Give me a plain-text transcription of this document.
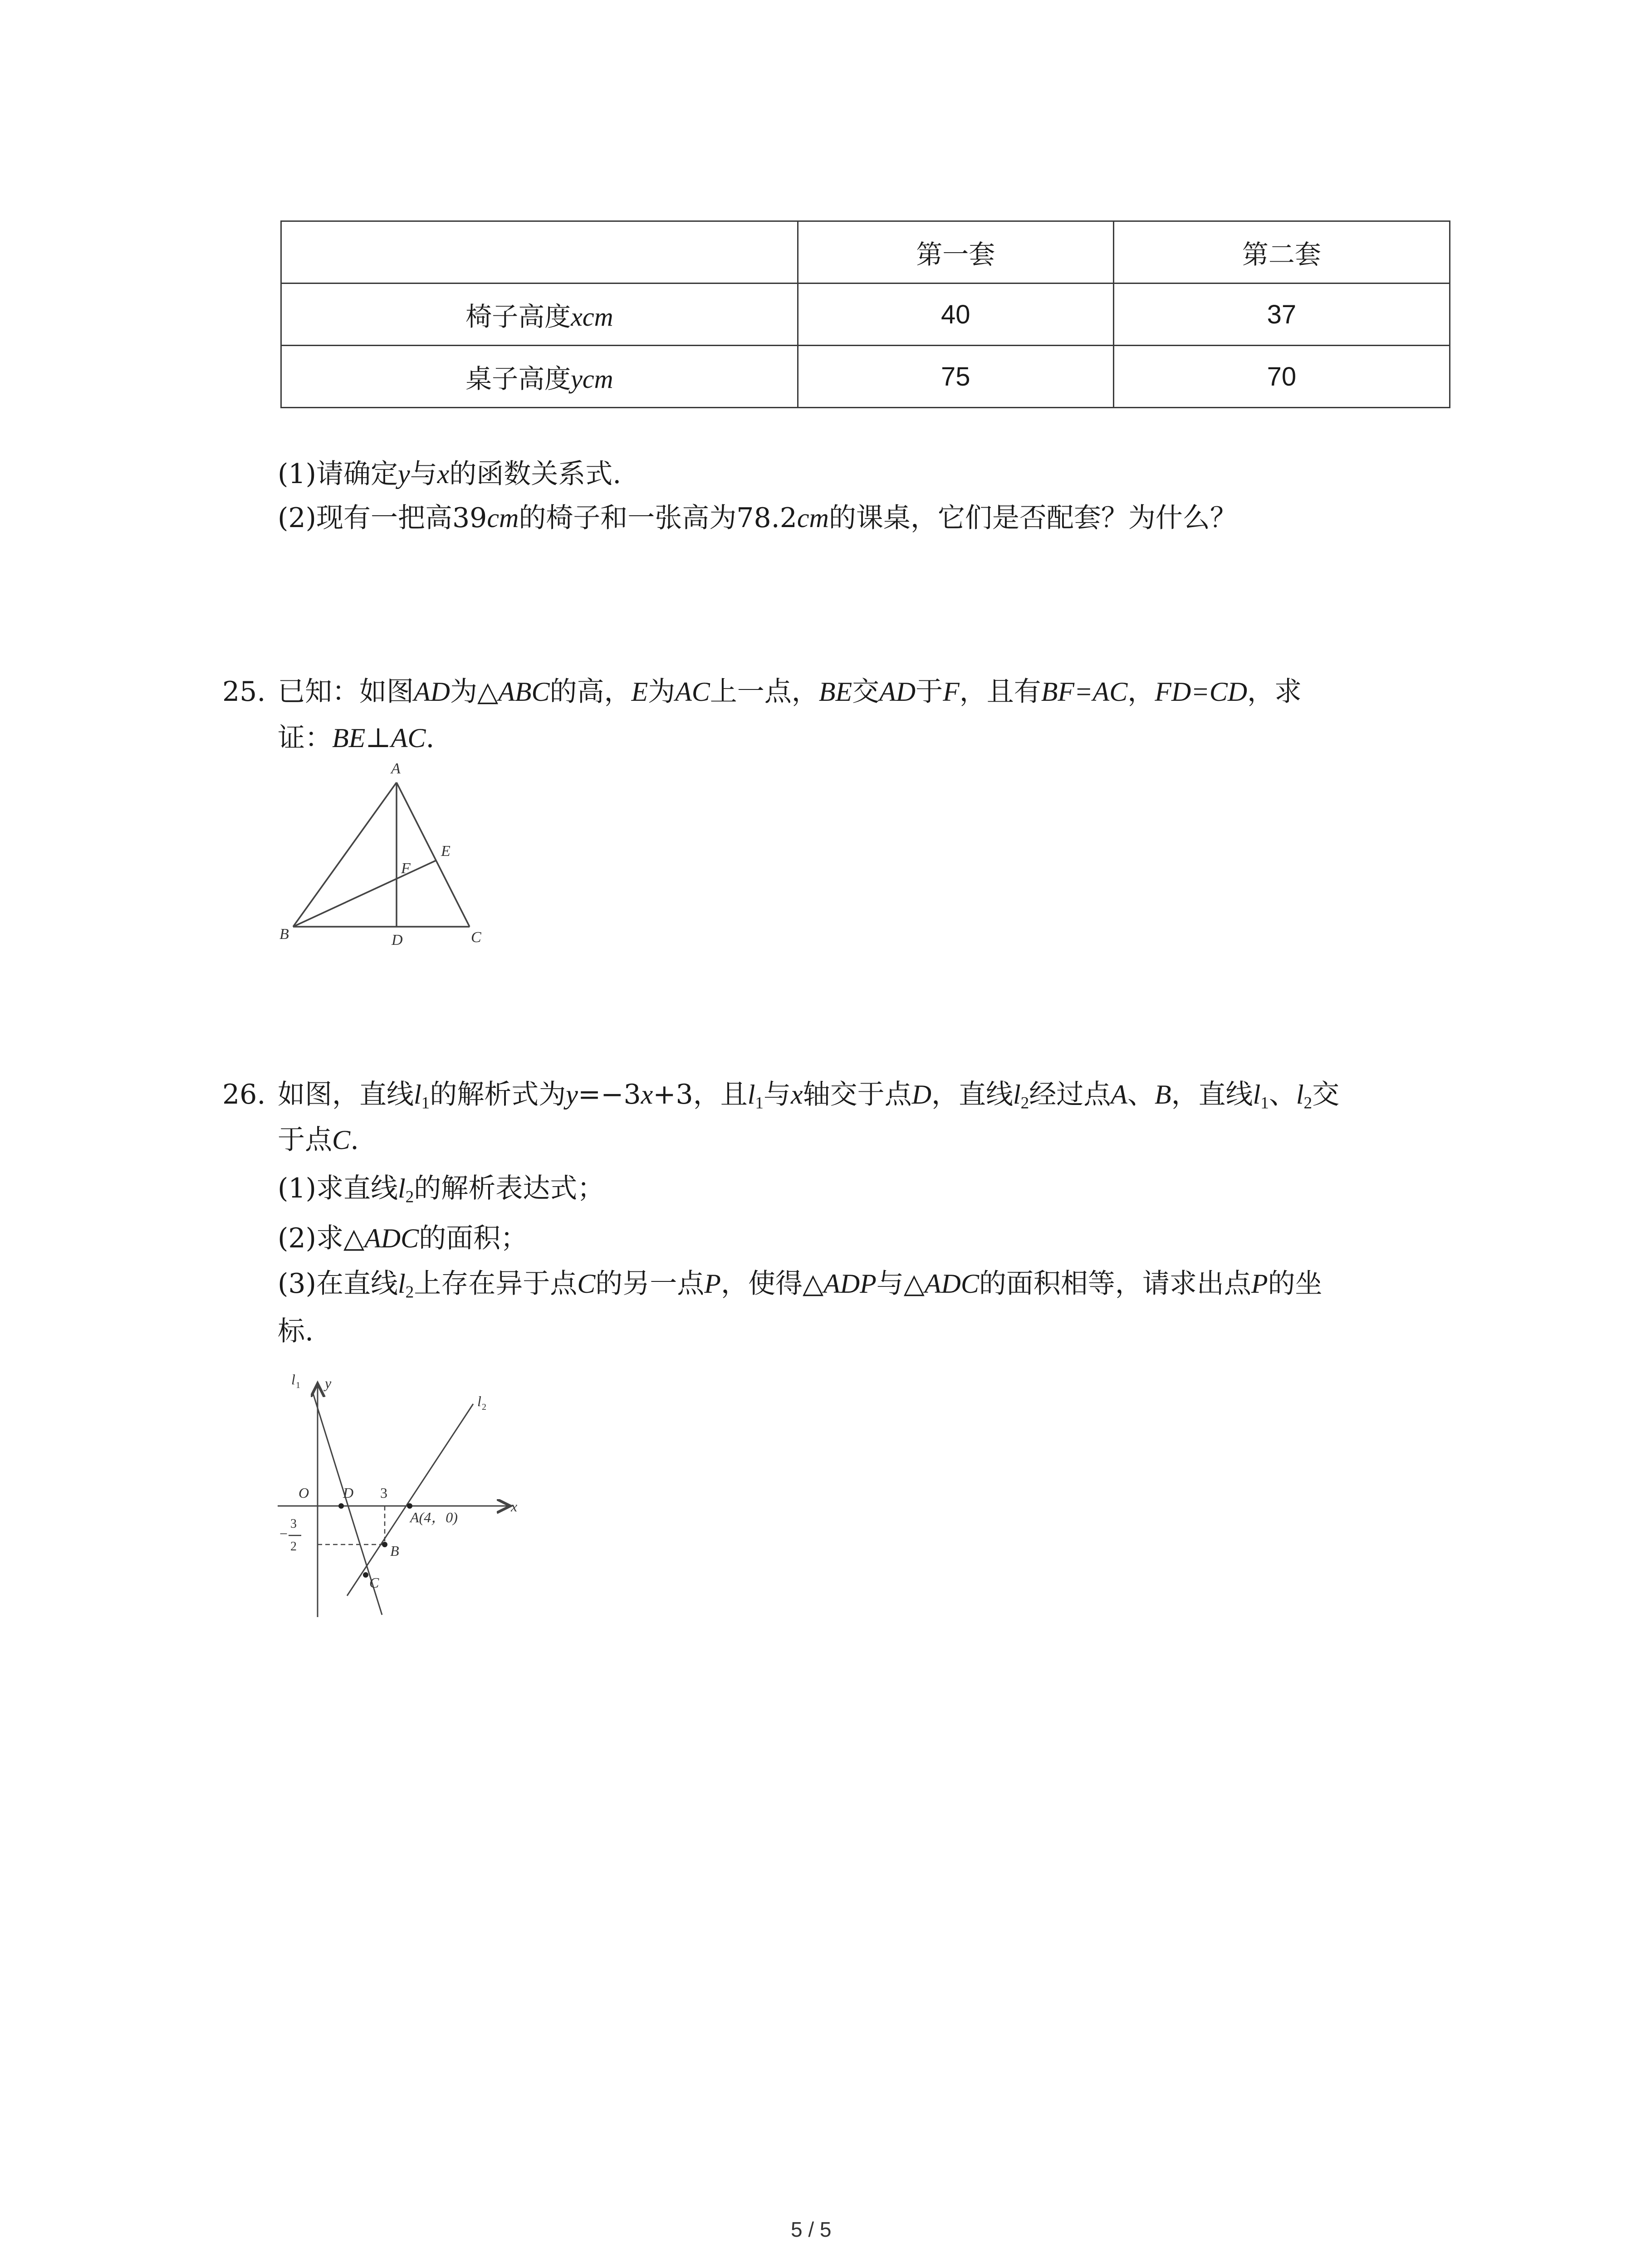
	第一套	第二套
椅子高度xcm	40	37
桌子高度ycm	75	70
(1)请确定y与x的函数关系式.
(2)现有一把高39cm的椅子和一张高为78.2cm的课桌，它们是否配套？为什么？
25. 已知：如图AD为△ABC的高，E为AC上一点，BE交AD于F，且有BF=AC，FD=CD，求
证：BE⊥AC.
A
B	C
D
E
F
26. 如图，直线$l_1$的解析式为y=−3x+3，且$l_1$与x轴交于点D，直线$l_2$经过点A、B，直线$l_1$、$l_2$交
于点C.
(1)求直线$l_2$的解析表达式；
(2)求△ADC的面积；
(3)在直线$l_2$上存在异于点C的另一点P，使得△ADP与△ADC的面积相等，请求出点P的坐
标.
y
x
O D 3
A(4，0)
B
C
l 1
l 2
−
3
2
5 / 5
